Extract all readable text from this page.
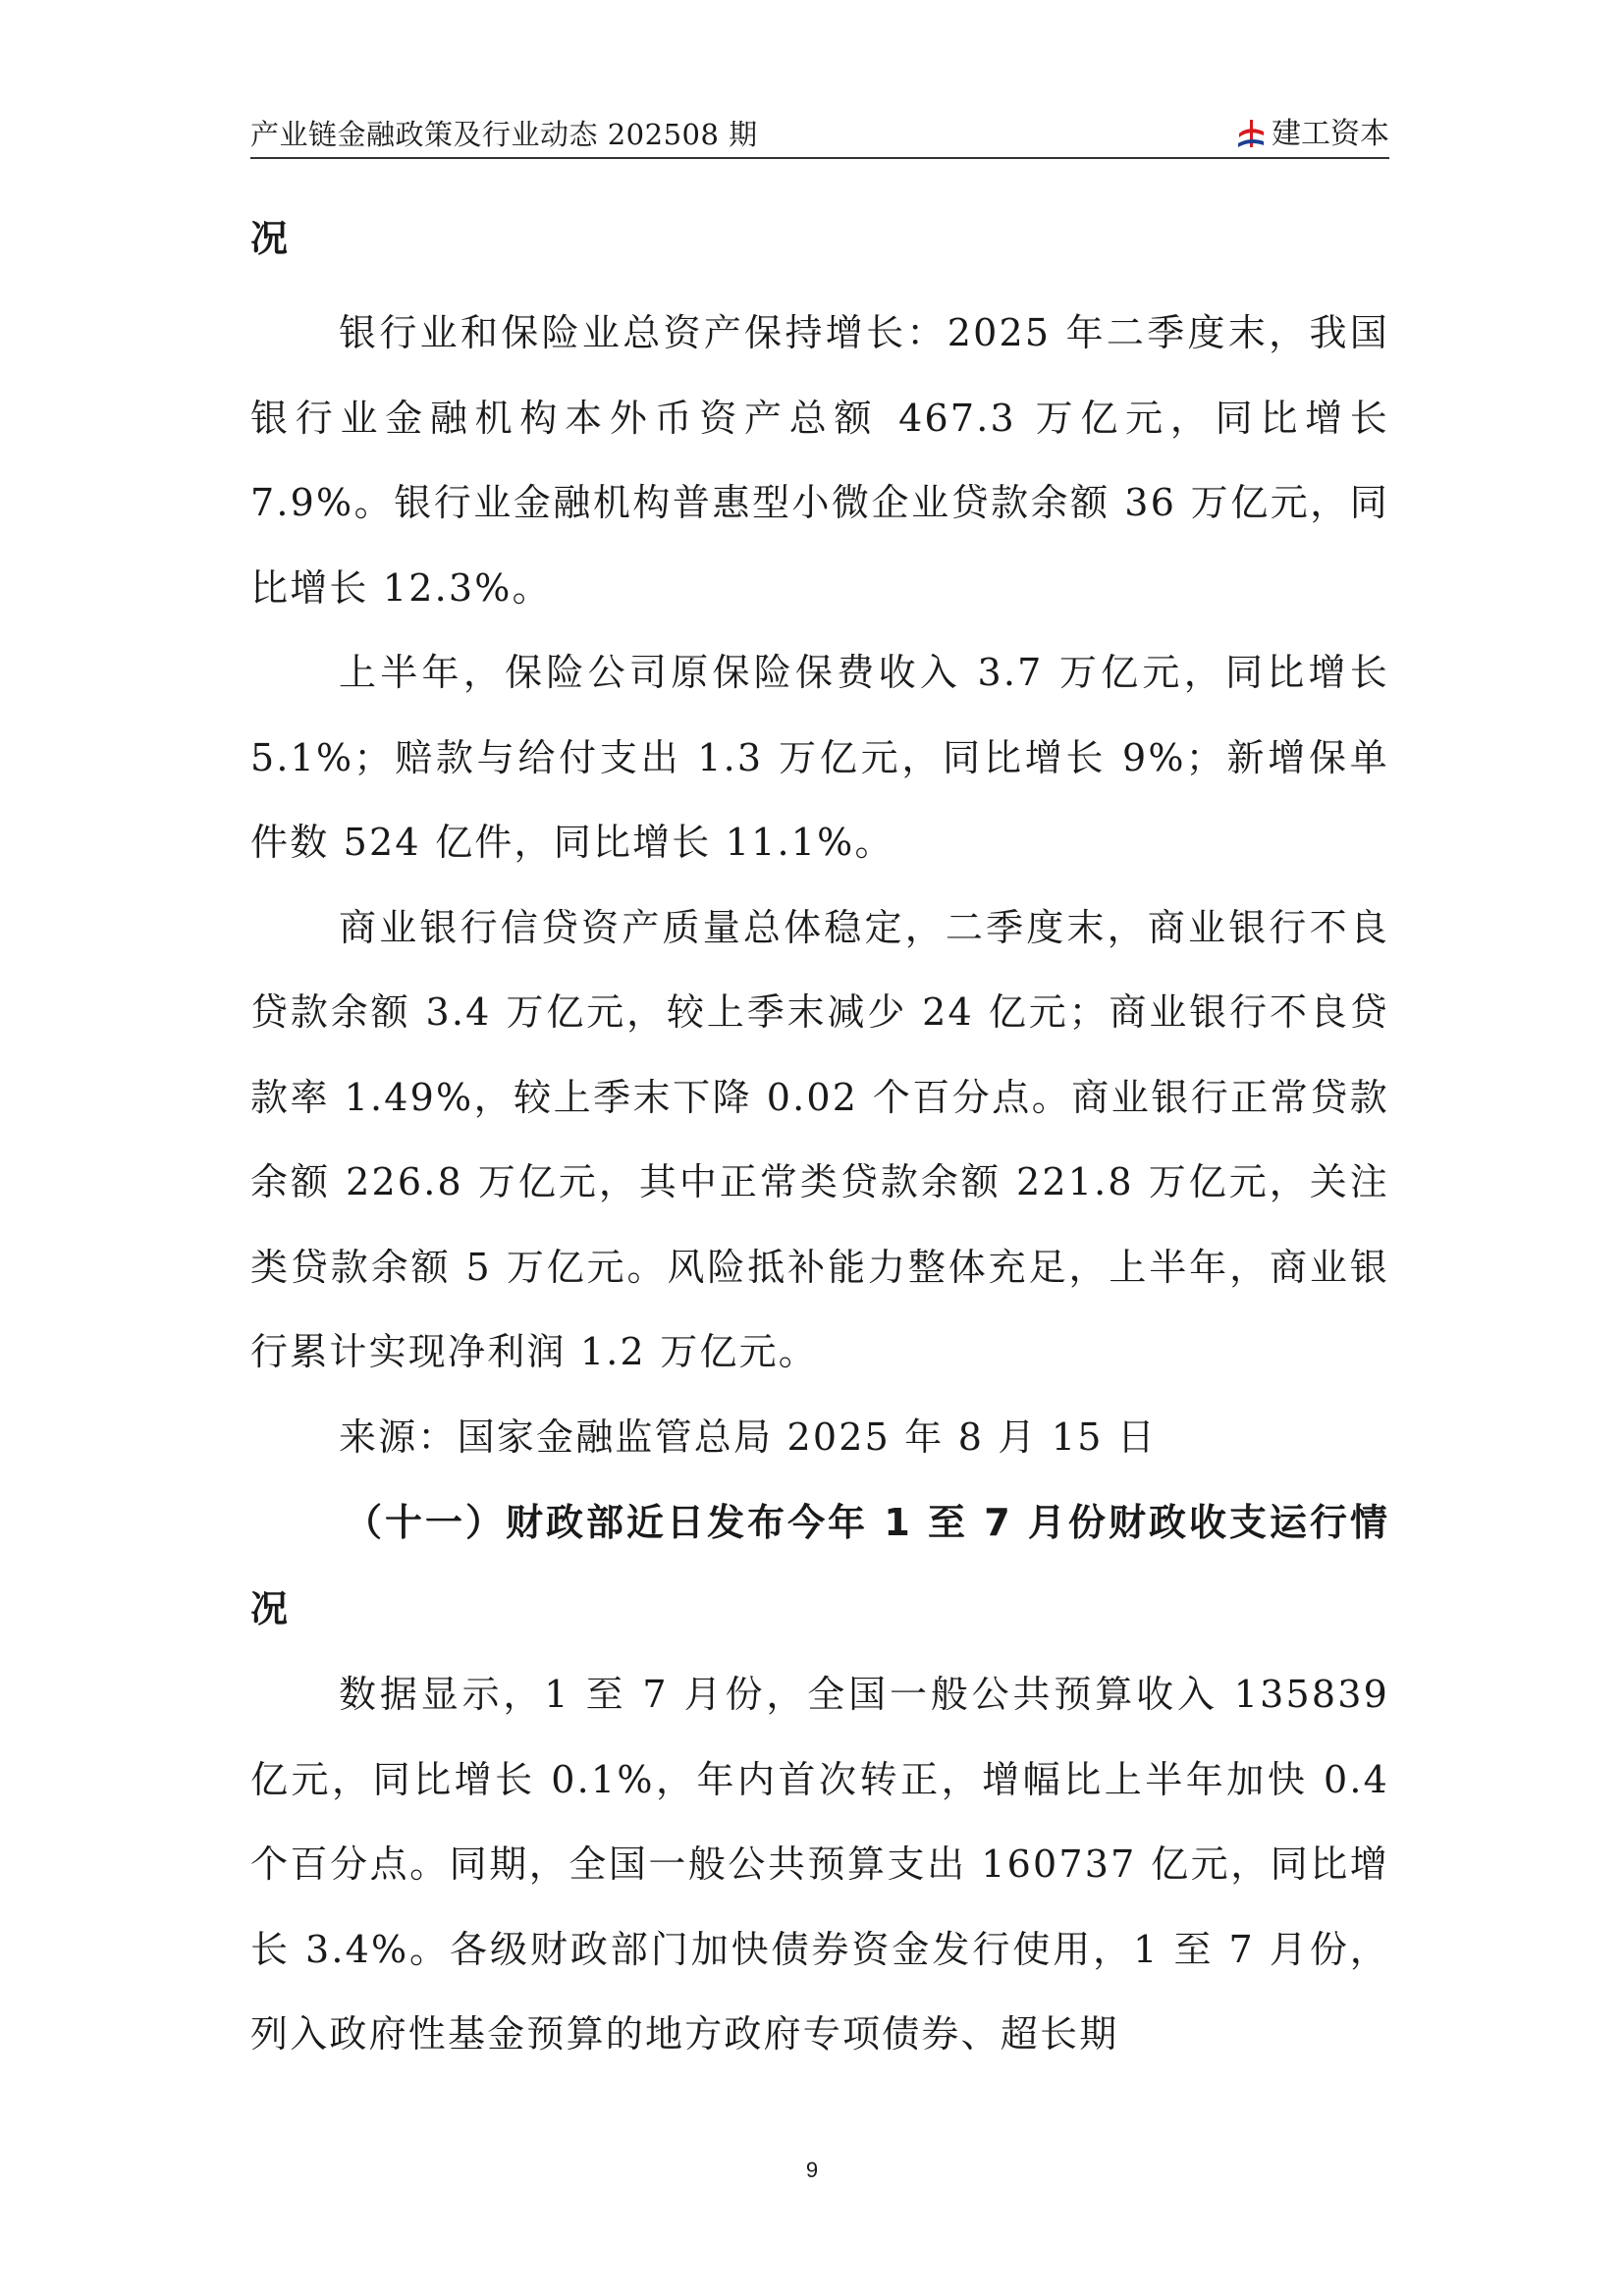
产业链金融政策及行业动态 202508 期	建工资本

况

银行业和保险业总资产保持增长：2025 年二季度末，我国银行业金融机构本外币资产总额 467.3 万亿元，同比增长 7.9%。银行业金融机构普惠型小微企业贷款余额 36 万亿元，同比增长 12.3%。

上半年，保险公司原保险保费收入 3.7 万亿元，同比增长 5.1%；赔款与给付支出 1.3 万亿元，同比增长 9%；新增保单件数 524 亿件，同比增长 11.1%。

商业银行信贷资产质量总体稳定，二季度末，商业银行不良贷款余额 3.4 万亿元，较上季末减少 24 亿元；商业银行不良贷款率 1.49%，较上季末下降 0.02 个百分点。商业银行正常贷款余额 226.8 万亿元，其中正常类贷款余额 221.8 万亿元，关注类贷款余额 5 万亿元。风险抵补能力整体充足，上半年，商业银行累计实现净利润 1.2 万亿元。

来源：国家金融监管总局 2025 年 8 月 15 日

（十一）财政部近日发布今年 1 至 7 月份财政收支运行情况

数据显示，1 至 7 月份，全国一般公共预算收入 135839 亿元，同比增长 0.1%，年内首次转正，增幅比上半年加快 0.4 个百分点。同期，全国一般公共预算支出 160737 亿元，同比增长 3.4%。各级财政部门加快债券资金发行使用，1 至 7 月份，列入政府性基金预算的地方政府专项债券、超长期

9
